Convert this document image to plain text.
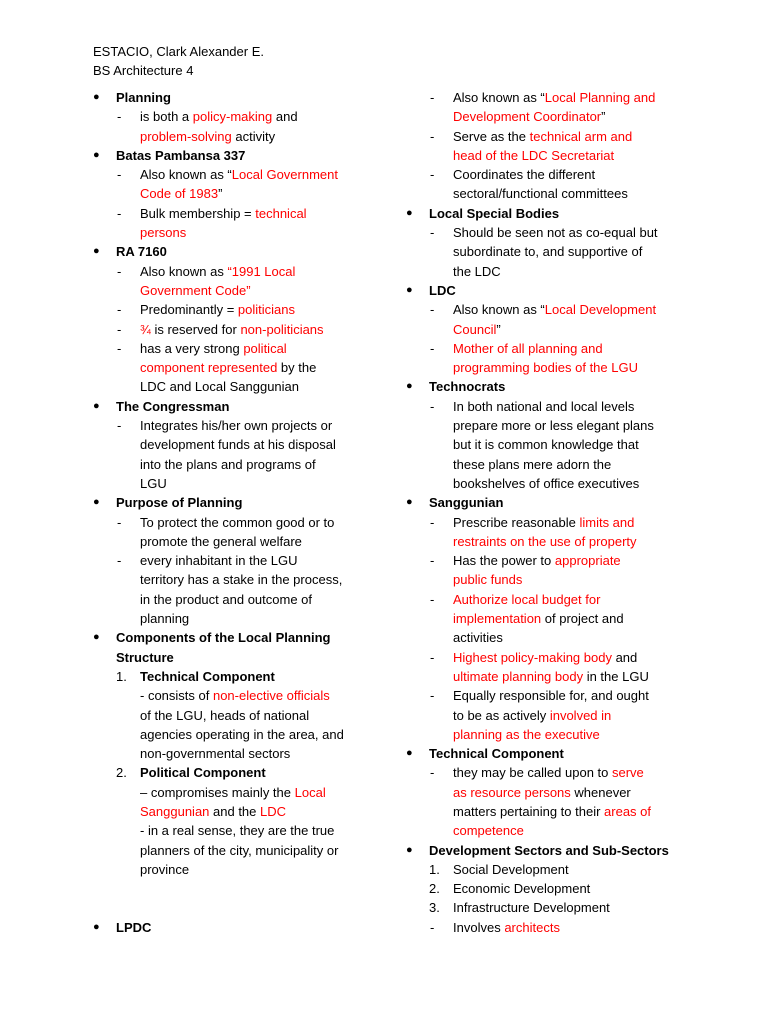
ESTACIO, Clark Alexander E.
BS Architecture 4
● Planning
- is both a policy-making and
problem-solving activity
● Batas Pambansa 337
- Also known as “Local Government
Code of 1983”
- Bulk membership = technical
persons
● RA 7160
- Also known as “1991 Local
Government Code”
- Predominantly = politicians
- ¾ is reserved for non-politicians
- has a very strong political
component represented by the
LDC and Local Sanggunian
● The Congressman
- Integrates his/her own projects or
development funds at his disposal
into the plans and programs of
LGU
● Purpose of Planning
- To protect the common good or to
promote the general welfare
- every inhabitant in the LGU
territory has a stake in the process,
in the product and outcome of
planning
● Components of the Local Planning
Structure
1. Technical Component
- consists of non-elective officials
of the LGU, heads of national
agencies operating in the area, and
non-governmental sectors
2. Political Component
– compromises mainly the Local
Sanggunian and the LDC
- in a real sense, they are the true
planners of the city, municipality or
province
● LPDC
- Also known as “Local Planning and
Development Coordinator”
- Serve as the technical arm and
head of the LDC Secretariat
- Coordinates the different
sectoral/functional committees
● Local Special Bodies
- Should be seen not as co-equal but
subordinate to, and supportive of
the LDC
● LDC
- Also known as “Local Development
Council”
- Mother of all planning and
programming bodies of the LGU
● Technocrats
- In both national and local levels
prepare more or less elegant plans
but it is common knowledge that
these plans mere adorn the
bookshelves of office executives
● Sanggunian
- Prescribe reasonable limits and
restraints on the use of property
- Has the power to appropriate
public funds
- Authorize local budget for
implementation of project and
activities
- Highest policy-making body and
ultimate planning body in the LGU
- Equally responsible for, and ought
to be as actively involved in
planning as the executive
● Technical Component
- they may be called upon to serve
as resource persons whenever
matters pertaining to their areas of
competence
● Development Sectors and Sub-Sectors
1. Social Development
2. Economic Development
3. Infrastructure Development
- Involves architects
